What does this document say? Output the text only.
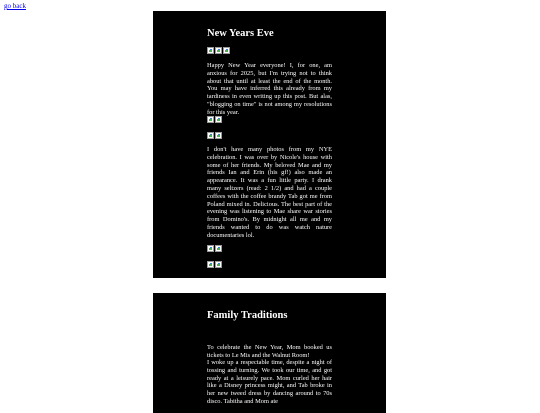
go back
New Years Eve

Happy New Year everyone! I, for one, am anxious for 2025, but I'm trying not to think about that until at least the end of the month. You may have inferred this already from my tardiness in even writing up this post. But alas, "blogging on time" is not among my resolutions for this year.

I don't have many photos from my NYE celebration. I was over by Nicole's house with some of her friends. My beloved Mae and my friends Ian and Erin (his gf!) also made an appearance. It was a fun little party. I drank many seltzers (read: 2 1/2) and had a couple coffees with the coffee brandy Tab got me from Poland mixed in. Delicious. The best part of the evening was listening to Mae share war stories from Domino's. By midnight all me and my friends wanted to do was watch nature documentaries lol.

Family Traditions

To celebrate the New Year, Mom booked us tickets to Le Mis and the Walnut Room!

I woke up a respectable time, despite a night of tossing and turning. We took our time, and got ready at a leisurely pace. Mom curled her hair like a Disney princess might, and Tab broke in her new tweed dress by dancing around to 70s disco. Tabitha and Mom ate
